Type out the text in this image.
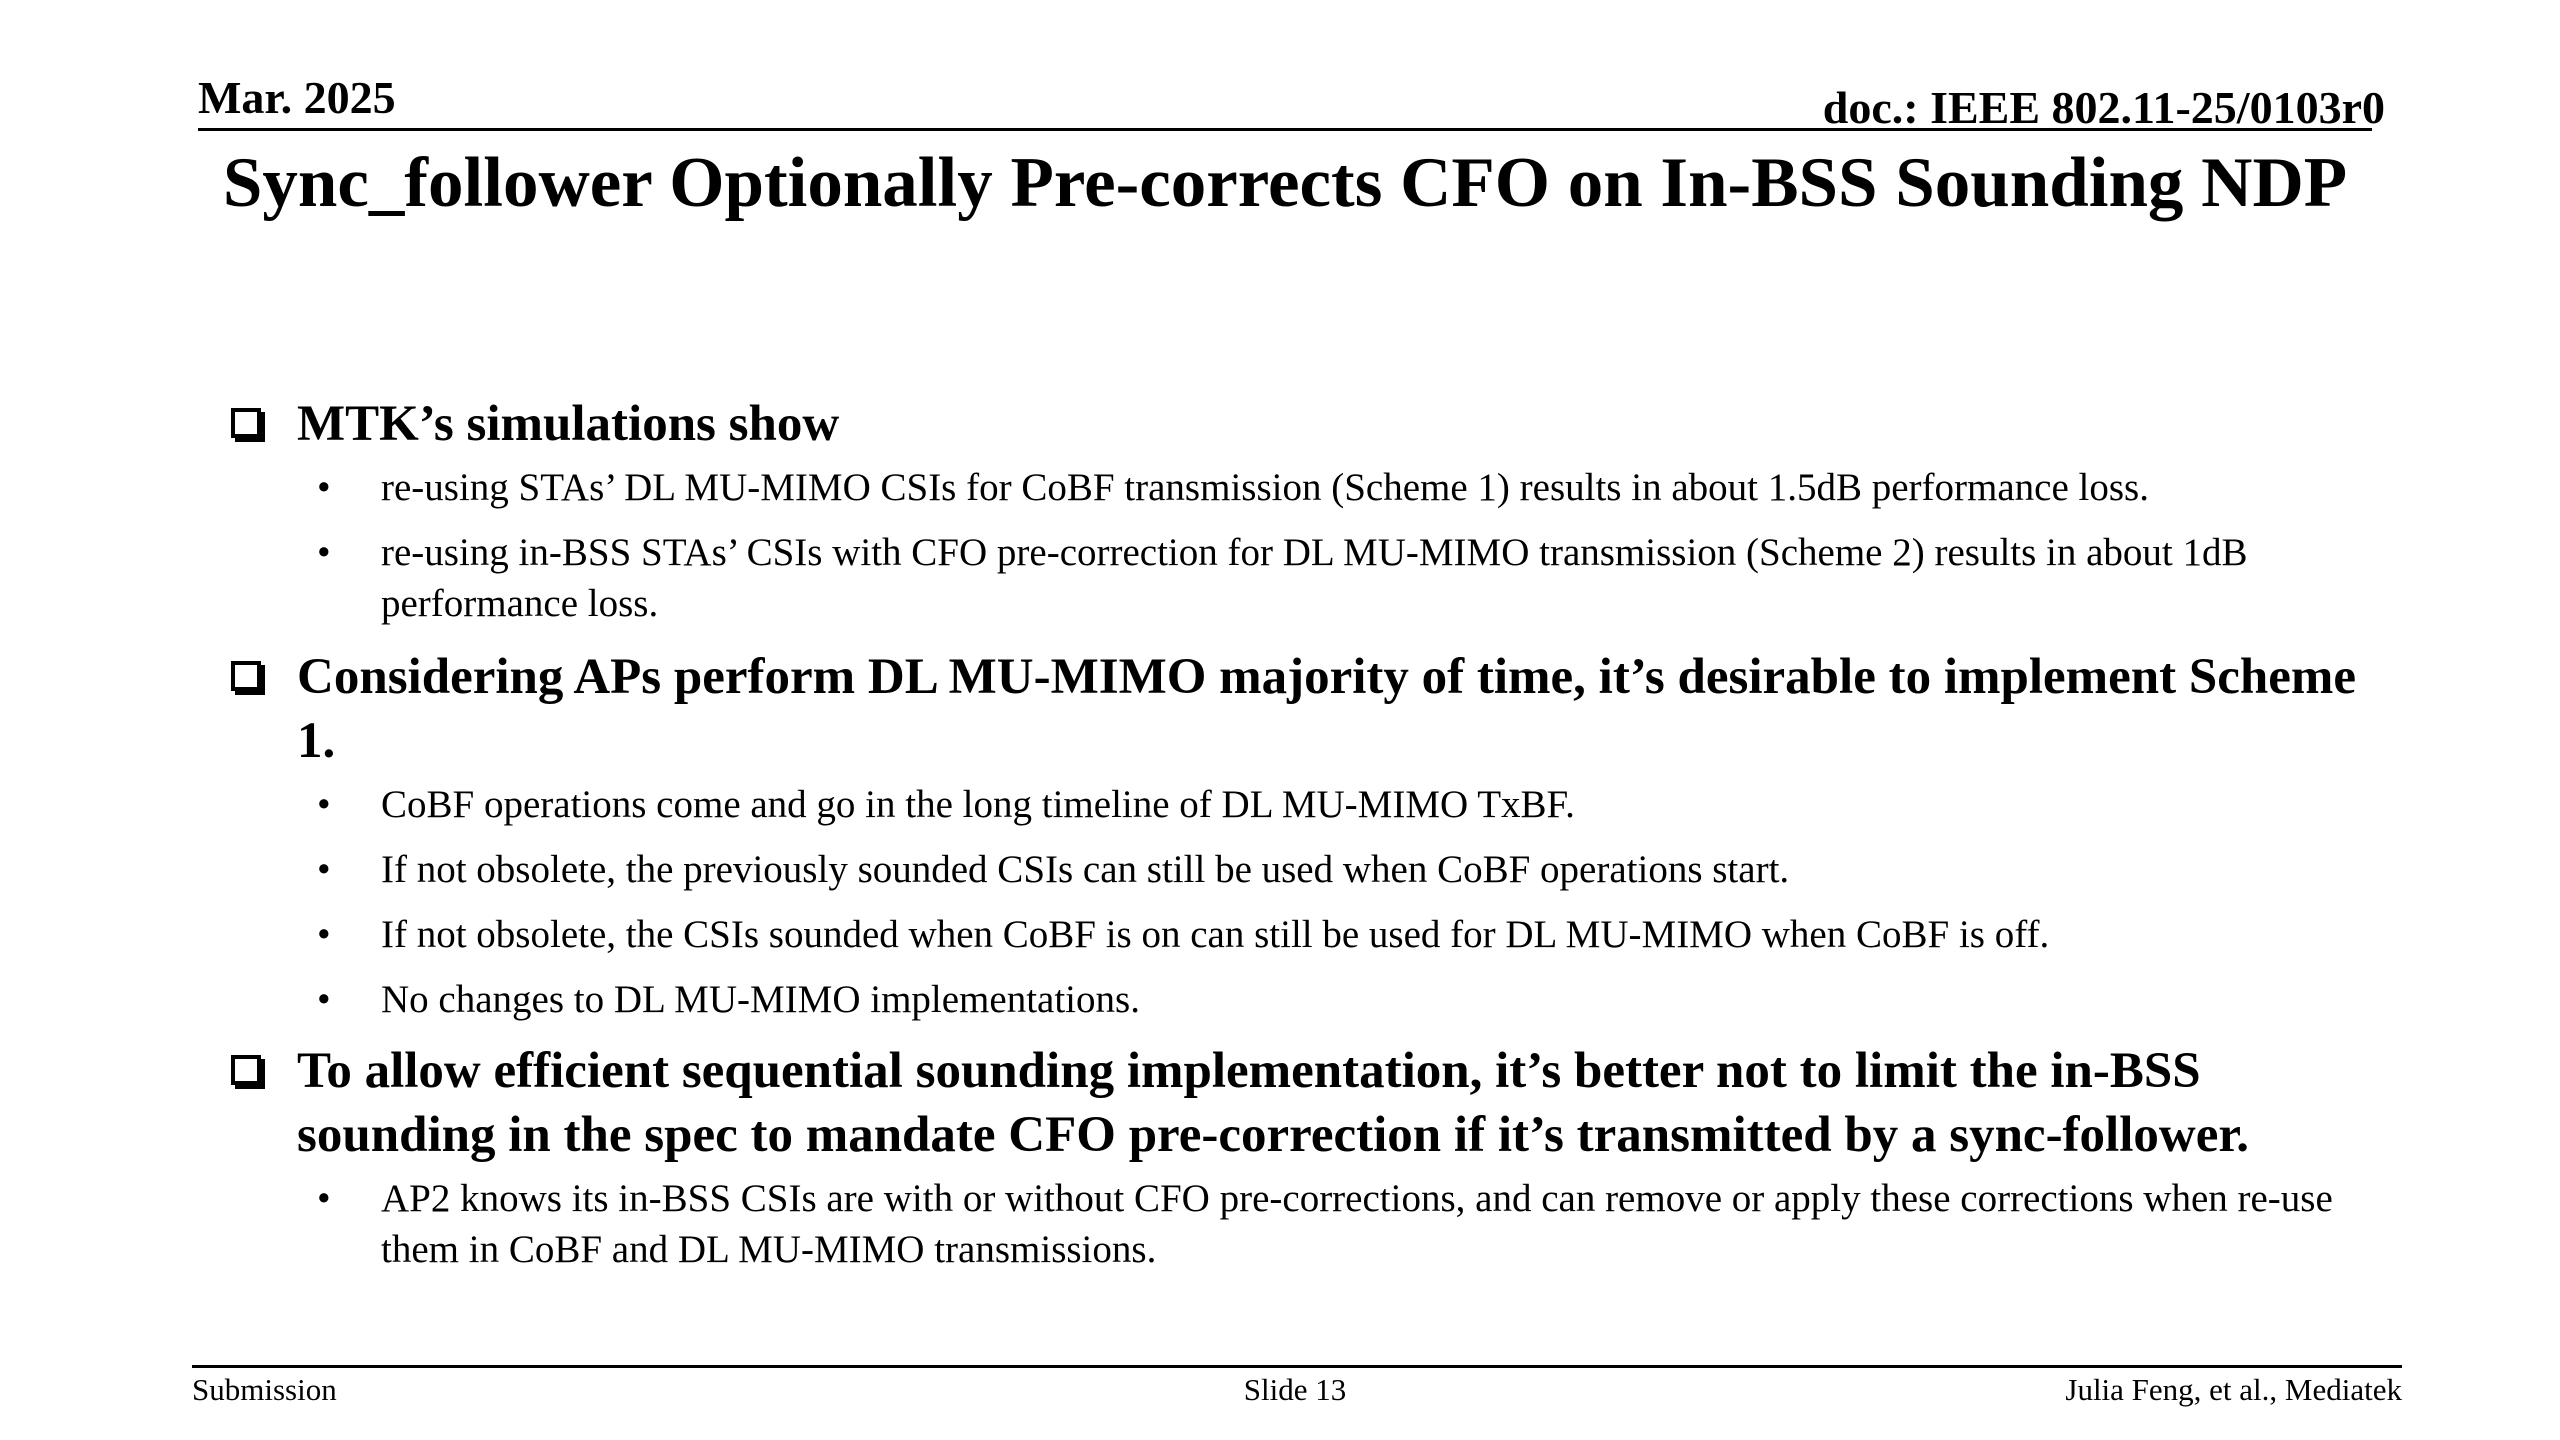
Mar. 2025	doc.: IEEE 802.11-25/0103r0
Sync_follower Optionally Pre-corrects CFO on In-BSS Sounding NDP
MTK’s simulations show
• re-using STAs’ DL MU-MIMO CSIs for CoBF transmission (Scheme 1) results in about 1.5dB performance loss.
• re-using in-BSS STAs’ CSIs with CFO pre-correction for DL MU-MIMO transmission (Scheme 2) results in about 1dB performance loss.
Considering APs perform DL MU-MIMO majority of time, it’s desirable to implement Scheme 1.
• CoBF operations come and go in the long timeline of DL MU-MIMO TxBF.
• If not obsolete, the previously sounded CSIs can still be used when CoBF operations start.
• If not obsolete, the CSIs sounded when CoBF is on can still be used for DL MU-MIMO when CoBF is off.
• No changes to DL MU-MIMO implementations.
To allow efficient sequential sounding implementation, it’s better not to limit the in-BSS sounding in the spec to mandate CFO pre-correction if it’s transmitted by a sync-follower.
• AP2 knows its in-BSS CSIs are with or without CFO pre-corrections, and can remove or apply these corrections when re-use them in CoBF and DL MU-MIMO transmissions.
Submission	Slide 13	Julia Feng, et al., Mediatek
